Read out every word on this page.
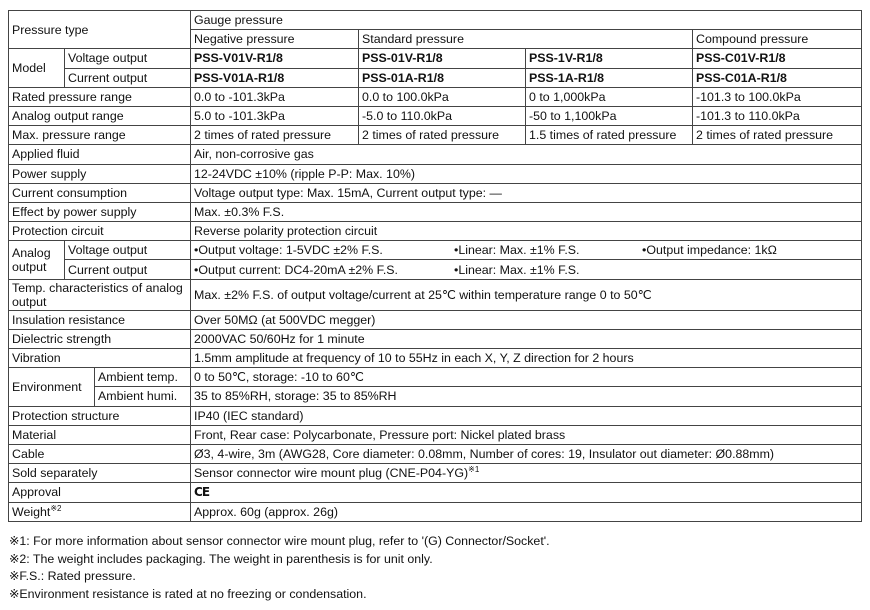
Pressure type			Gauge pressure			
			Negative pressure	Standard pressure		Compound pressure
Model	Voltage output		PSS-V01V-R1/8	PSS-01V-R1/8	PSS-1V-R1/8	PSS-C01V-R1/8
	Current output		PSS-V01A-R1/8	PSS-01A-R1/8	PSS-1A-R1/8	PSS-C01A-R1/8
Rated pressure range			0.0 to -101.3kPa	0.0 to 100.0kPa	0 to 1,000kPa	-101.3 to 100.0kPa
Analog output range			5.0 to -101.3kPa	-5.0 to 110.0kPa	-50 to 1,100kPa	-101.3 to 110.0kPa
Max. pressure range			2 times of rated pressure	2 times of rated pressure	1.5 times of rated pressure	2 times of rated pressure
Applied fluid			Air, non-corrosive gas			
Power supply			12-24VDC ±10% (ripple P-P: Max. 10%)			
Current consumption			Voltage output type: Max. 15mA, Current output type: —			
Effect by power supply			Max. ±0.3% F.S.			
Protection circuit			Reverse polarity protection circuit			
Analog output	Voltage output		•Output voltage: 1-5VDC ±2% F.S. •Linear: Max. ±1% F.S. •Output impedance: 1kΩ			
	Current output		•Output current: DC4-20mA ±2% F.S. •Linear: Max. ±1% F.S.			
Temp. characteristics of analog output			Max. ±2% F.S. of output voltage/current at 25℃ within temperature range 0 to 50℃			
Insulation resistance			Over 50MΩ (at 500VDC megger)			
Dielectric strength			2000VAC 50/60Hz for 1 minute			
Vibration			1.5mm amplitude at frequency of 10 to 55Hz in each X, Y, Z direction for 2 hours			
Environment		Ambient temp.	0 to 50℃, storage: -10 to 60℃			
		Ambient humi.	35 to 85%RH, storage: 35 to 85%RH			
Protection structure			IP40 (IEC standard)			
Material			Front, Rear case: Polycarbonate, Pressure port: Nickel plated brass			
Cable			Ø3, 4-wire, 3m (AWG28, Core diameter: 0.08mm, Number of cores: 19, Insulator out diameter: Ø0.88mm)			
Sold separately			Sensor connector wire mount plug $(CNE-P04-YG)^{※1}$
Approval			CE			
Weight$^{※2}$			Approx. 60g (approx. 26g)			
※1: For more information about sensor connector wire mount plug, refer to '(G) Connector/Socket'.
※2: The weight includes packaging. The weight in parenthesis is for unit only.
※F.S.: Rated pressure.
※Environment resistance is rated at no freezing or condensation.
